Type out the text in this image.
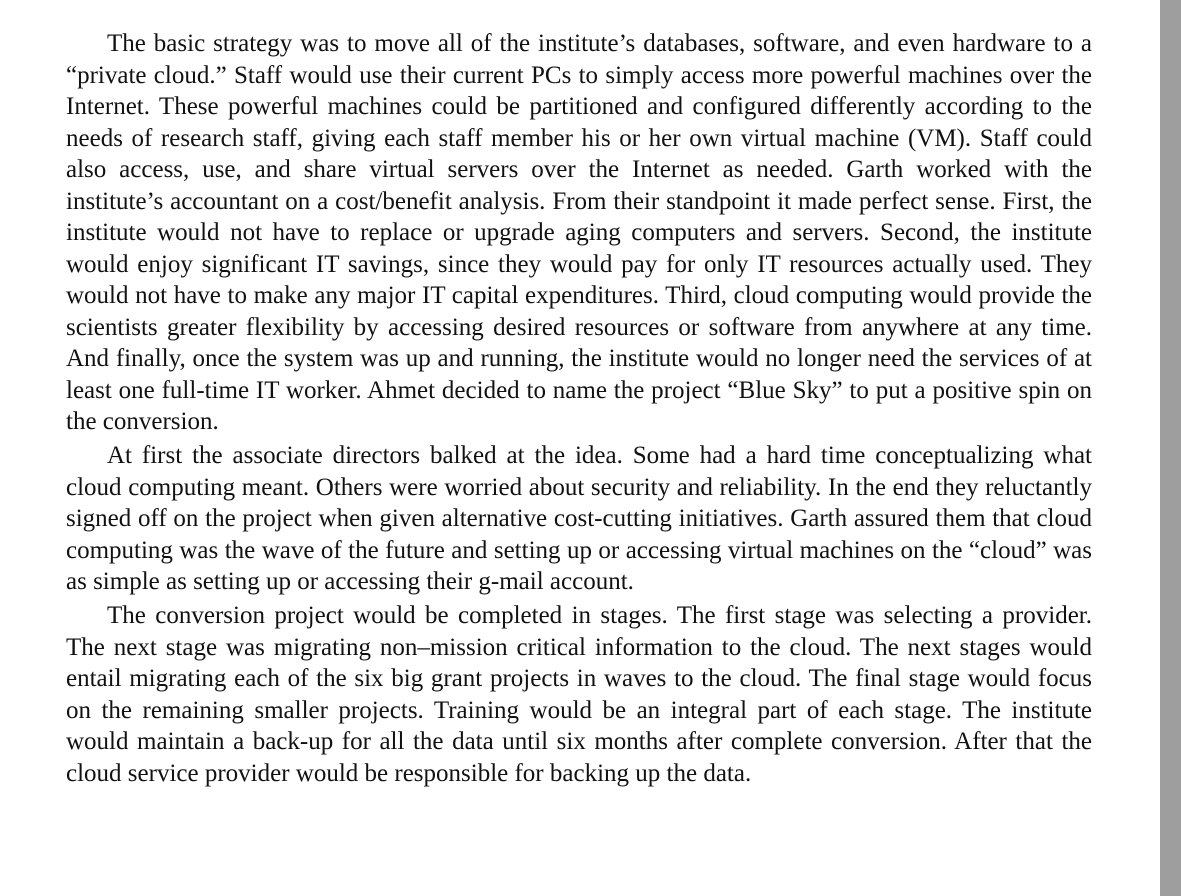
The basic strategy was to move all of the institute’s databases, software, and even hardware to a “private cloud.” Staff would use their current PCs to simply access more powerful machines over the Internet. These powerful machines could be partitioned and configured differently according to the needs of research staff, giving each staff member his or her own virtual machine (VM). Staff could also access, use, and share virtual servers over the Internet as needed. Garth worked with the institute’s accountant on a cost/benefit analysis. From their standpoint it made perfect sense. First, the institute would not have to replace or upgrade aging computers and servers. Second, the institute would enjoy significant IT savings, since they would pay for only IT resources actually used. They would not have to make any major IT capital expenditures. Third, cloud computing would provide the scientists greater flexibility by accessing desired resources or software from anywhere at any time. And finally, once the system was up and running, the institute would no longer need the services of at least one full-time IT worker. Ahmet decided to name the project “Blue Sky” to put a positive spin on the conversion.

At first the associate directors balked at the idea. Some had a hard time conceptualizing what cloud computing meant. Others were worried about security and reliability. In the end they reluctantly signed off on the project when given alternative cost-cutting initiatives. Garth assured them that cloud computing was the wave of the future and setting up or accessing virtual machines on the “cloud” was as simple as setting up or accessing their g-mail account.

The conversion project would be completed in stages. The first stage was selecting a provider. The next stage was migrating non–mission critical information to the cloud. The next stages would entail migrating each of the six big grant projects in waves to the cloud. The final stage would focus on the remaining smaller projects. Training would be an integral part of each stage. The institute would maintain a back-up for all the data until six months after complete conversion. After that the cloud service provider would be responsible for backing up the data.
